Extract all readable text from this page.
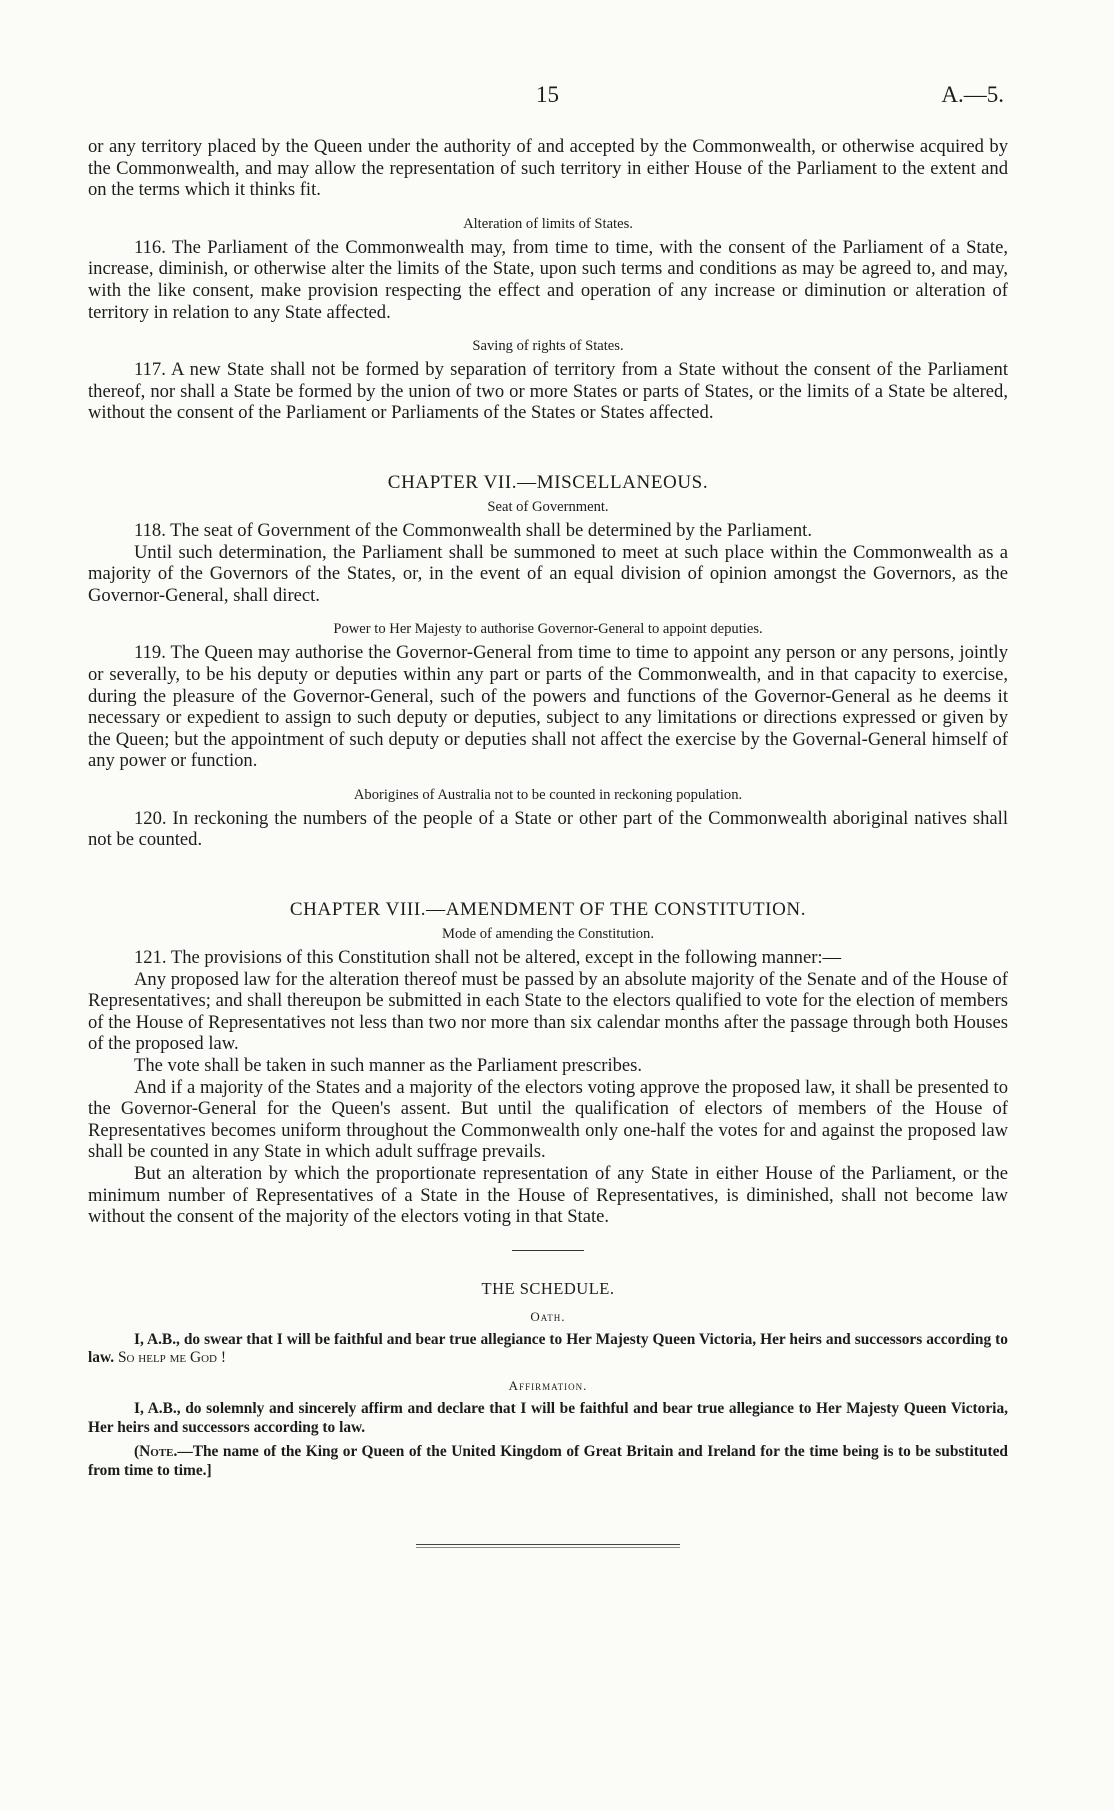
15	A.—5.

or any territory placed by the Queen under the authority of and accepted by the Commonwealth, or otherwise acquired by the Commonwealth, and may allow the representation of such territory in either House of the Parliament to the extent and on the terms which it thinks fit.

Alteration of limits of States.

116. The Parliament of the Commonwealth may, from time to time, with the consent of the Parliament of a State, increase, diminish, or otherwise alter the limits of the State, upon such terms and conditions as may be agreed to, and may, with the like consent, make provision respecting the effect and operation of any increase or diminution or alteration of territory in relation to any State affected.

Saving of rights of States.

117. A new State shall not be formed by separation of territory from a State without the consent of the Parliament thereof, nor shall a State be formed by the union of two or more States or parts of States, or the limits of a State be altered, without the consent of the Parliament or Parliaments of the States or States affected.

CHAPTER VII.—MISCELLANEOUS.
Seat of Government.

118. The seat of Government of the Commonwealth shall be determined by the Parliament.

Until such determination, the Parliament shall be summoned to meet at such place within the Commonwealth as a majority of the Governors of the States, or, in the event of an equal division of opinion amongst the Governors, as the Governor-General, shall direct.

Power to Her Majesty to authorise Governor-General to appoint deputies.

119. The Queen may authorise the Governor-General from time to time to appoint any person or any persons, jointly or severally, to be his deputy or deputies within any part or parts of the Commonwealth, and in that capacity to exercise, during the pleasure of the Governor-General, such of the powers and functions of the Governor-General as he deems it necessary or expedient to assign to such deputy or deputies, subject to any limitations or directions expressed or given by the Queen; but the appointment of such deputy or deputies shall not affect the exercise by the Governal-General himself of any power or function.

Aborigines of Australia not to be counted in reckoning population.

120. In reckoning the numbers of the people of a State or other part of the Commonwealth aboriginal natives shall not be counted.

CHAPTER VIII.—AMENDMENT OF THE CONSTITUTION.
Mode of amending the Constitution.

121. The provisions of this Constitution shall not be altered, except in the following manner:—

Any proposed law for the alteration thereof must be passed by an absolute majority of the Senate and of the House of Representatives; and shall thereupon be submitted in each State to the electors qualified to vote for the election of members of the House of Representatives not less than two nor more than six calendar months after the passage through both Houses of the proposed law.

The vote shall be taken in such manner as the Parliament prescribes.

And if a majority of the States and a majority of the electors voting approve the proposed law, it shall be presented to the Governor-General for the Queen's assent. But until the qualification of electors of members of the House of Representatives becomes uniform throughout the Commonwealth only one-half the votes for and against the proposed law shall be counted in any State in which adult suffrage prevails.

But an alteration by which the proportionate representation of any State in either House of the Parliament, or the minimum number of Representatives of a State in the House of Representatives, is diminished, shall not become law without the consent of the majority of the electors voting in that State.

THE SCHEDULE.
Oath.

I, A.B., do swear that I will be faithful and bear true allegiance to Her Majesty Queen Victoria, Her heirs and successors according to law. So help me God !

Affirmation.

I, A.B., do solemnly and sincerely affirm and declare that I will be faithful and bear true allegiance to Her Majesty Queen Victoria, Her heirs and successors according to law.

(Note.—The name of the King or Queen of the United Kingdom of Great Britain and Ireland for the time being is to be substituted from time to time.]
